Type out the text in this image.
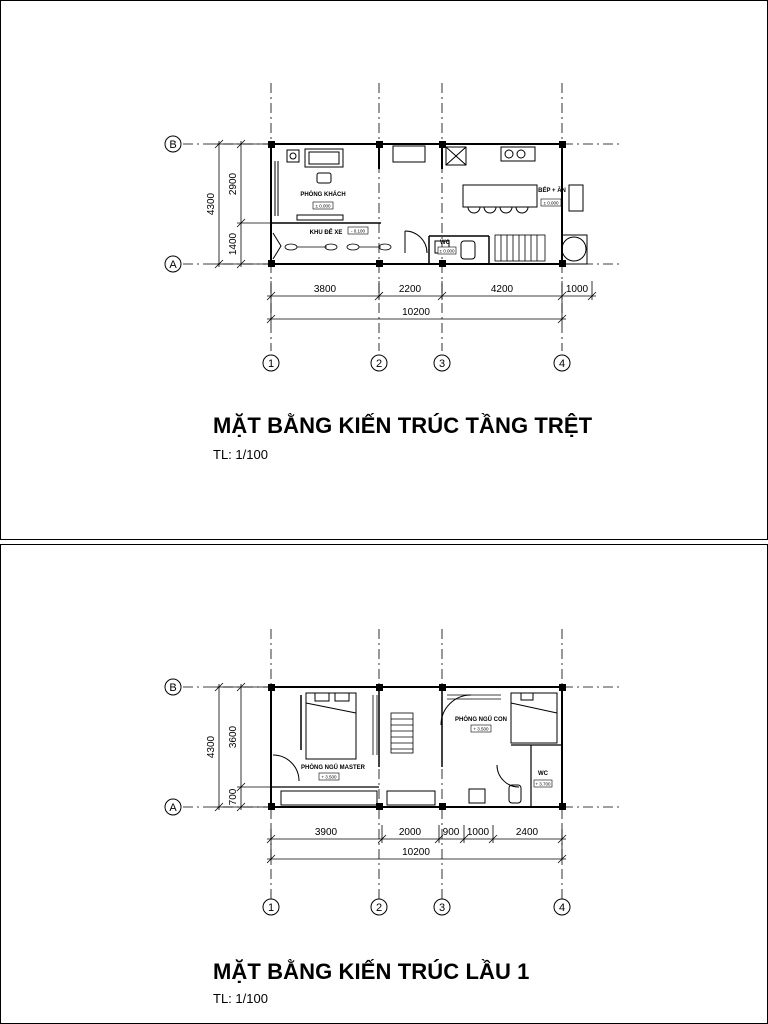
B
A
1	2	3	4
4300
2900
1400
3800	2200	4200	1000
10200
PHÒNG KHÁCH
± 0.000
KHU ĐỂ XE - 0.100
WC
± 0.000
BẾP + ĂN
± 0.000
MẶT BẰNG KIẾN TRÚC TẦNG TRỆT
TL: 1/100
B
A
1	2	3	4
4300 3600
700
3900	2000 900 1000	2400
10200
PHÒNG NGỦ MASTER
+ 3.500
PHÒNG NGỦ CON
+ 3.500
WC
+ 3.700
MẶT BẰNG KIẾN TRÚC LẦU 1
TL: 1/100
